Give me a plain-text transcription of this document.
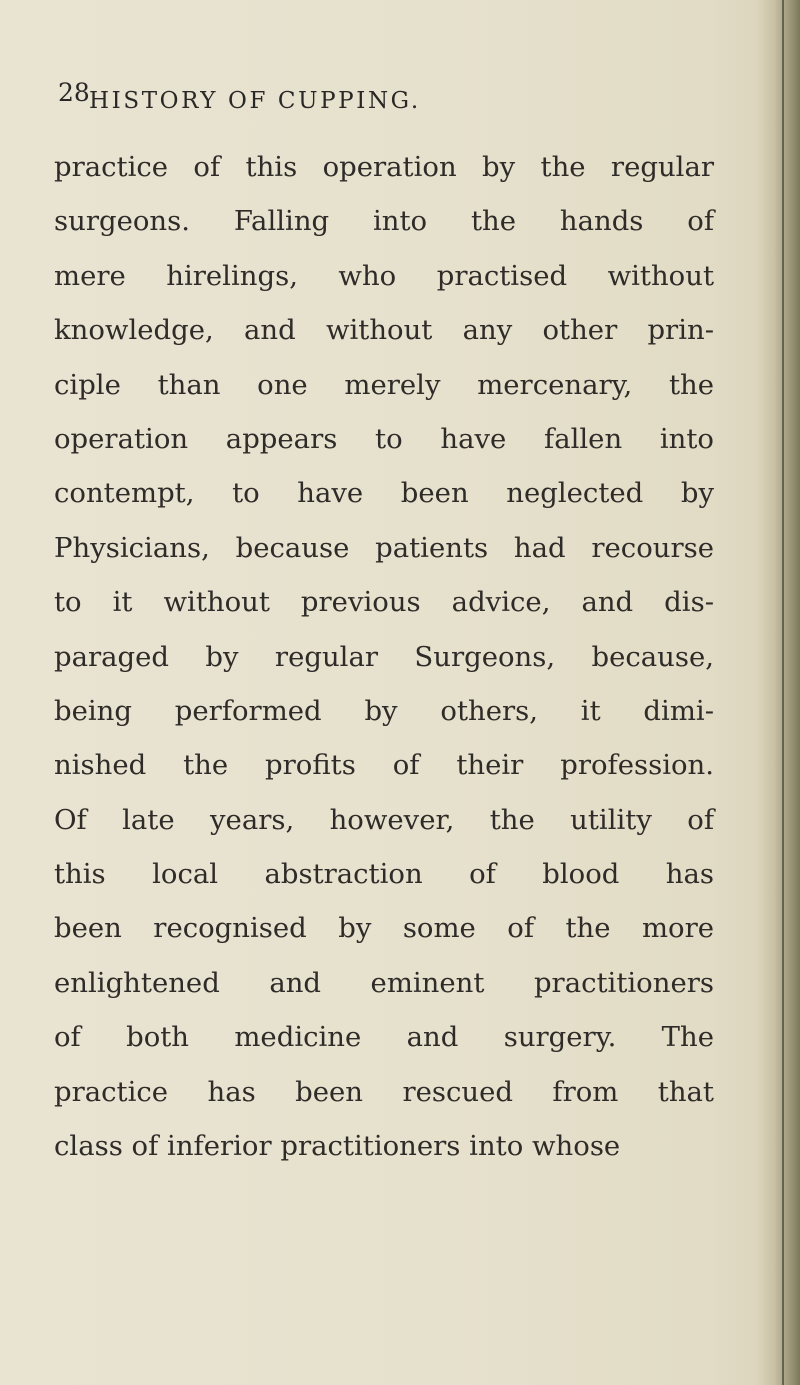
28 HISTORY OF CUPPING.
practice of this operation by the regular
surgeons. Falling into the hands of
mere hirelings, who practised without
knowledge, and without any other prin-
ciple than one merely mercenary, the
operation appears to have fallen into
contempt, to have been neglected by
Physicians, because patients had recourse
to it without previous advice, and dis-
paraged by regular Surgeons, because,
being performed by others, it dimi-
nished the profits of their profession.
Of late years, however, the utility of
this local abstraction of blood has
been recognised by some of the more
enlightened and eminent practitioners
of both medicine and surgery. The
practice has been rescued from that
class of inferior practitioners into whose
